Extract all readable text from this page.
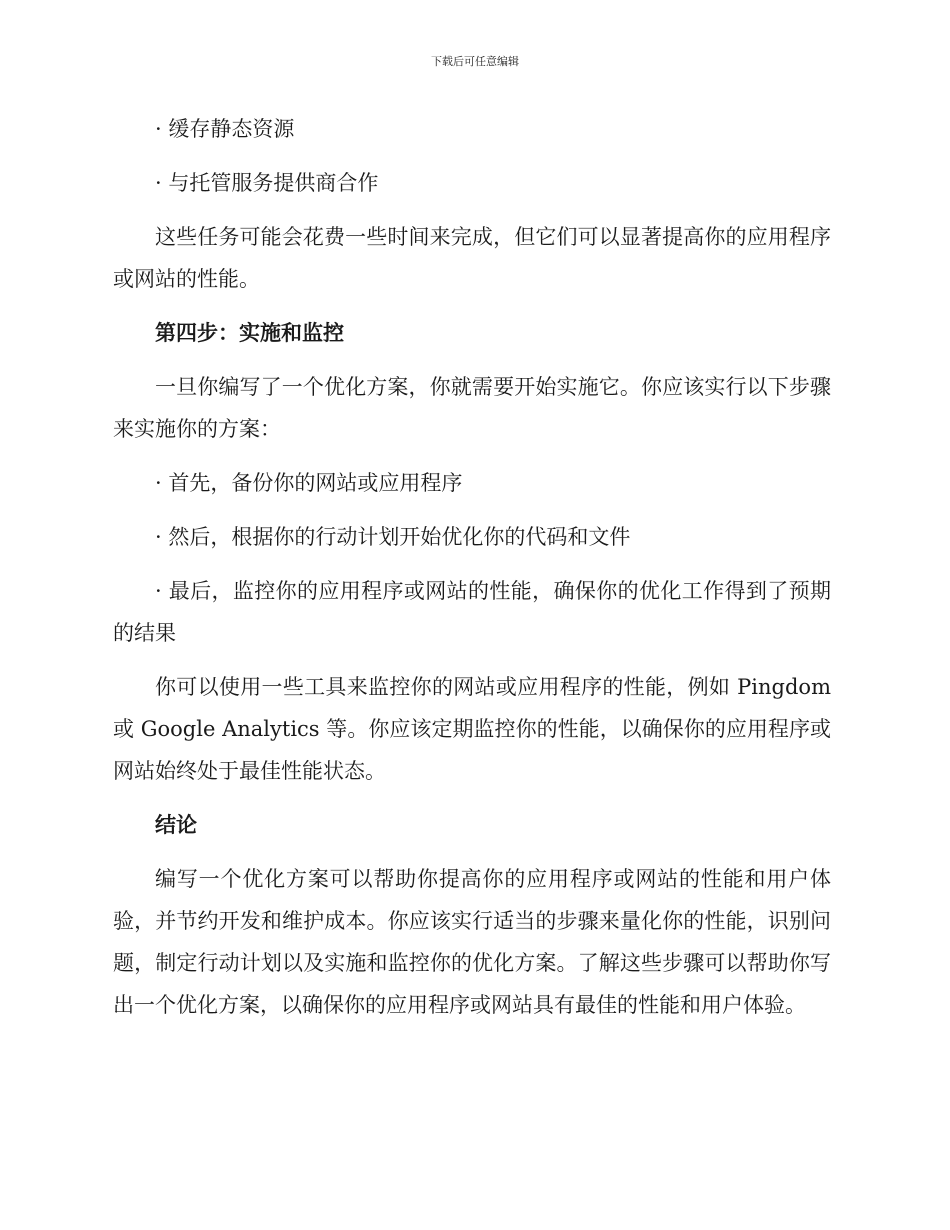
下载后可任意编辑

· 缓存静态资源

· 与托管服务提供商合作

这些任务可能会花费一些时间来完成，但它们可以显著提高你的应用程序或网站的性能。

第四步：实施和监控

一旦你编写了一个优化方案，你就需要开始实施它。你应该实行以下步骤来实施你的方案：

· 首先，备份你的网站或应用程序

· 然后，根据你的行动计划开始优化你的代码和文件

· 最后，监控你的应用程序或网站的性能，确保你的优化工作得到了预期的结果

你可以使用一些工具来监控你的网站或应用程序的性能，例如 Pingdom 或 Google Analytics 等。你应该定期监控你的性能，以确保你的应用程序或网站始终处于最佳性能状态。

结论

编写一个优化方案可以帮助你提高你的应用程序或网站的性能和用户体验，并节约开发和维护成本。你应该实行适当的步骤来量化你的性能，识别问题，制定行动计划以及实施和监控你的优化方案。了解这些步骤可以帮助你写出一个优化方案，以确保你的应用程序或网站具有最佳的性能和用户体验。
